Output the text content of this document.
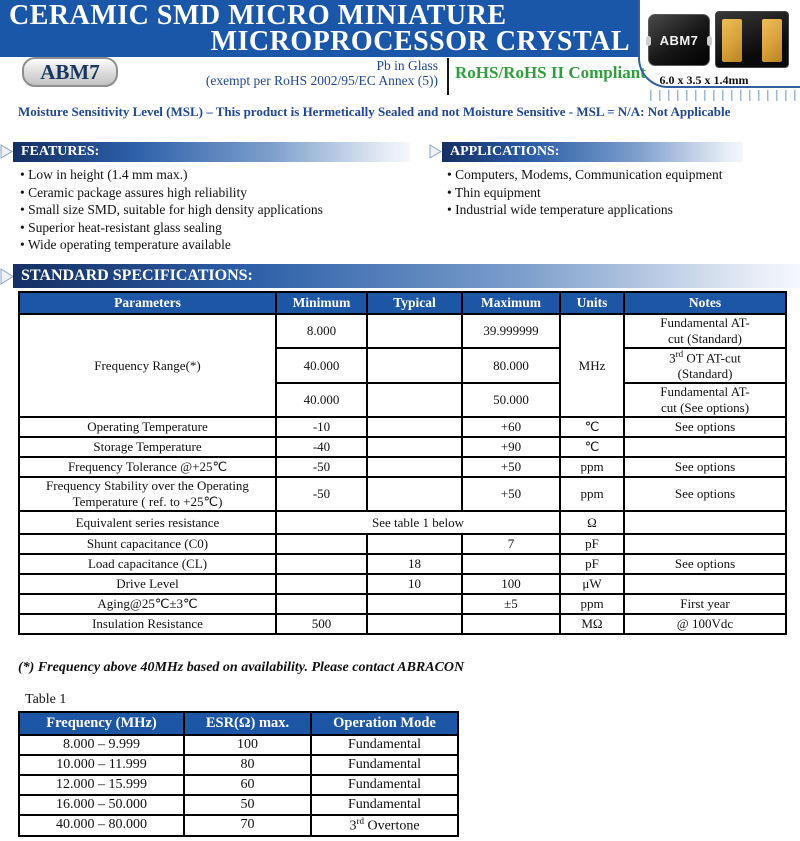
CERAMIC SMD MICRO MINIATURE
MICROPROCESSOR CRYSTAL
ABM7	Pb in Glass
(exempt per RoHS 2002/95/EC Annex (5)) RoHS/RoHS II Compliant
ABM7
6.0 x 3.5 x 1.4mm
Moisture Sensitivity Level (MSL) – This product is Hermetically Sealed and not Moisture Sensitive - MSL = N/A: Not Applicable
FEATURES:
• Low in height (1.4 mm max.)
• Ceramic package assures high reliability
• Small size SMD, suitable for high density applications
• Superior heat-resistant glass sealing
• Wide operating temperature available
APPLICATIONS:
• Computers, Modems, Communication equipment
• Thin equipment
• Industrial wide temperature applications
STANDARD SPECIFICATIONS:
Parameters	Minimum	Typical	Maximum	Units	Notes
Frequency Range(*)	8.000		39.999999	MHz	Fundamental AT-
cut (Standard)
	40.000		80.000		3rd OT AT-cut
(Standard)
	40.000		50.000		Fundamental AT-
cut (See options)
Operating Temperature	-10		+60	℃	See options
Storage Temperature	-40		+90	℃	
Frequency Tolerance @+25℃	-50		+50	ppm	See options
Frequency Stability over the Operating Temperature ( ref. to +25℃)	-50		+50	ppm	See options
Equivalent series resistance	See table 1 below			Ω	
Shunt capacitance (C0)			7	pF	
Load capacitance (CL)		18		pF	See options
Drive Level		10	100	μW	
Aging@25℃±3℃			±5	ppm	First year
Insulation Resistance	500			MΩ	@ 100Vdc
(*) Frequency above 40MHz based on availability. Please contact ABRACON
Table 1
Frequency (MHz)	ESR(Ω) max.	Operation Mode
8.000 – 9.999	100	Fundamental
10.000 – 11.999	80	Fundamental
12.000 – 15.999	60	Fundamental
16.000 – 50.000	50	Fundamental
40.000 – 80.000	70	3rd Overtone
